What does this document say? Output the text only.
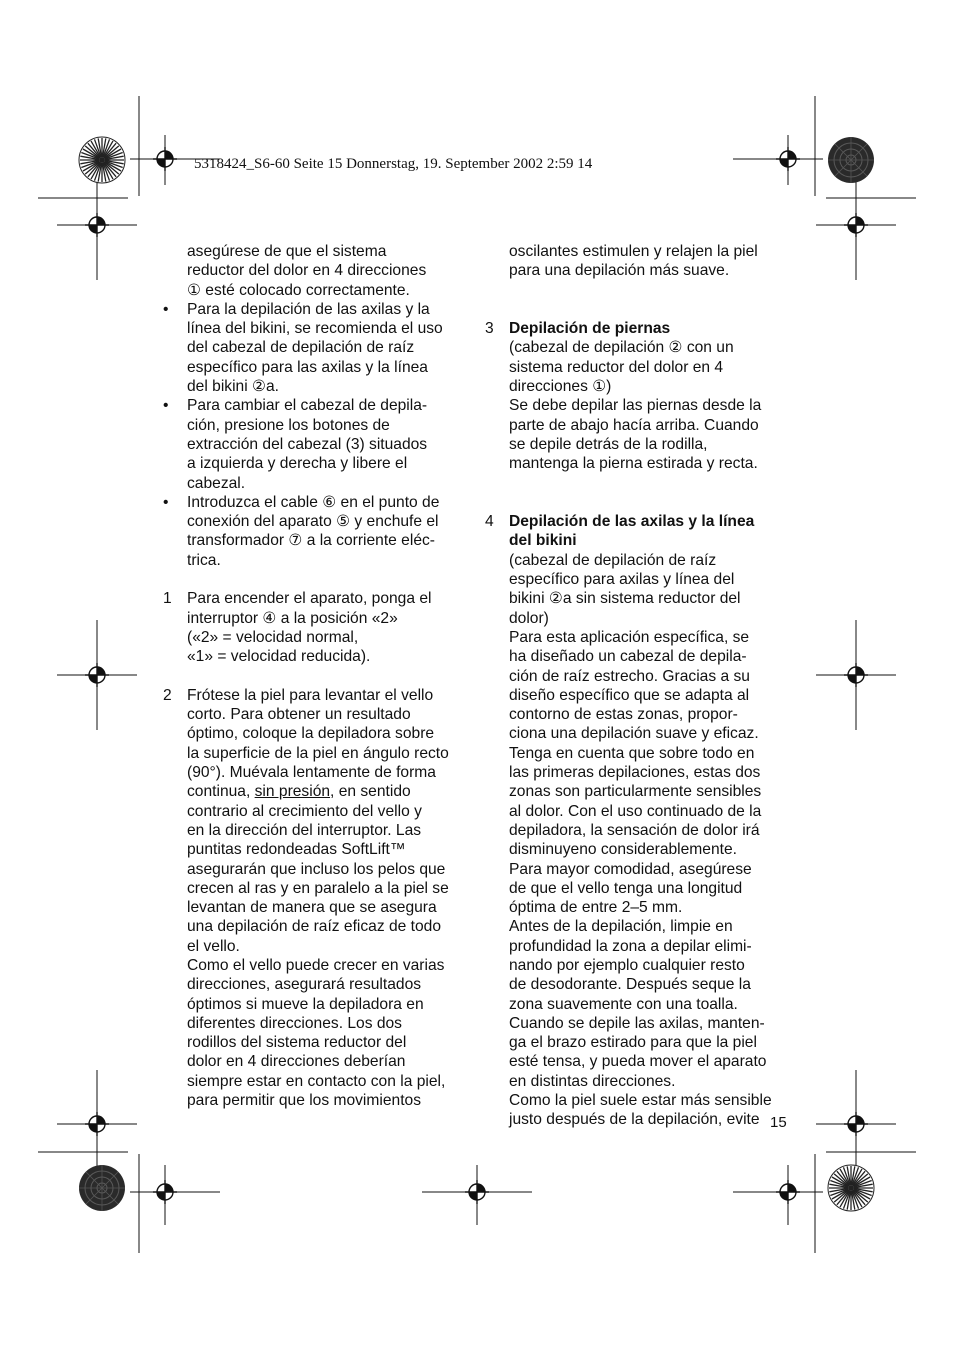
5318424_S6-60 Seite 15 Donnerstag, 19. September 2002 2:59 14
asegúrese de que el sistema
reductor del dolor en 4 direcciones
① esté colocado correctamente.
•	Para la depilación de las axilas y la
línea del bikini, se recomienda el uso
del cabezal de depilación de raíz
específico para las axilas y la línea
del bikini ②a.
•	Para cambiar el cabezal de depila-
ción, presione los botones de
extracción del cabezal (3) situados
a izquierda y derecha y libere el
cabezal.
•	Introduzca el cable ⑥ en el punto de
conexión del aparato ⑤ y enchufe el
transformador ⑦ a la corriente eléc-
trica.
1 Para encender el aparato, ponga el
interruptor ④ a la posición «2»
(«2» = velocidad normal,
«1» = velocidad reducida).
2 Frótese la piel para levantar el vello
corto. Para obtener un resultado
óptimo, coloque la depiladora sobre
la superficie de la piel en ángulo recto
(90°). Muévala lentamente de forma
continua, sin presión, en sentido
contrario al crecimiento del vello y
en la dirección del interruptor. Las
puntitas redondeadas SoftLift™
asegurarán que incluso los pelos que
crecen al ras y en paralelo a la piel se
levantan de manera que se asegura
una depilación de raíz eficaz de todo
el vello.
Como el vello puede crecer en varias
direcciones, asegurará resultados
óptimos si mueve la depiladora en
diferentes direcciones. Los dos
rodillos del sistema reductor del
dolor en 4 direcciones deberían
siempre estar en contacto con la piel,
para permitir que los movimientos
oscilantes estimulen y relajen la piel
para una depilación más suave.
3 Depilación de piernas
(cabezal de depilación ② con un
sistema reductor del dolor en 4
direcciones ①)
Se debe depilar las piernas desde la
parte de abajo hacía arriba. Cuando
se depile detrás de la rodilla,
mantenga la pierna estirada y recta.
4 Depilación de las axilas y la línea
del bikini
(cabezal de depilación de raíz
específico para axilas y línea del
bikini ②a sin sistema reductor del
dolor)
Para esta aplicación específica, se
ha diseñado un cabezal de depila-
ción de raíz estrecho. Gracias a su
diseño específico que se adapta al
contorno de estas zonas, propor-
ciona una depilación suave y eficaz.
Tenga en cuenta que sobre todo en
las primeras depilaciones, estas dos
zonas son particularmente sensibles
al dolor. Con el uso continuado de la
depiladora, la sensación de dolor irá
disminuyeno considerablemente.
Para mayor comodidad, asegúrese
de que el vello tenga una longitud
óptima de entre 2–5 mm.
Antes de la depilación, limpie en
profundidad la zona a depilar elimi-
nando por ejemplo cualquier resto
de desodorante. Después seque la
zona suavemente con una toalla.
Cuando se depile las axilas, manten-
ga el brazo estirado para que la piel
esté tensa, y pueda mover el aparato
en distintas direcciones.
Como la piel suele estar más sensible
justo después de la depilación, evite 15
